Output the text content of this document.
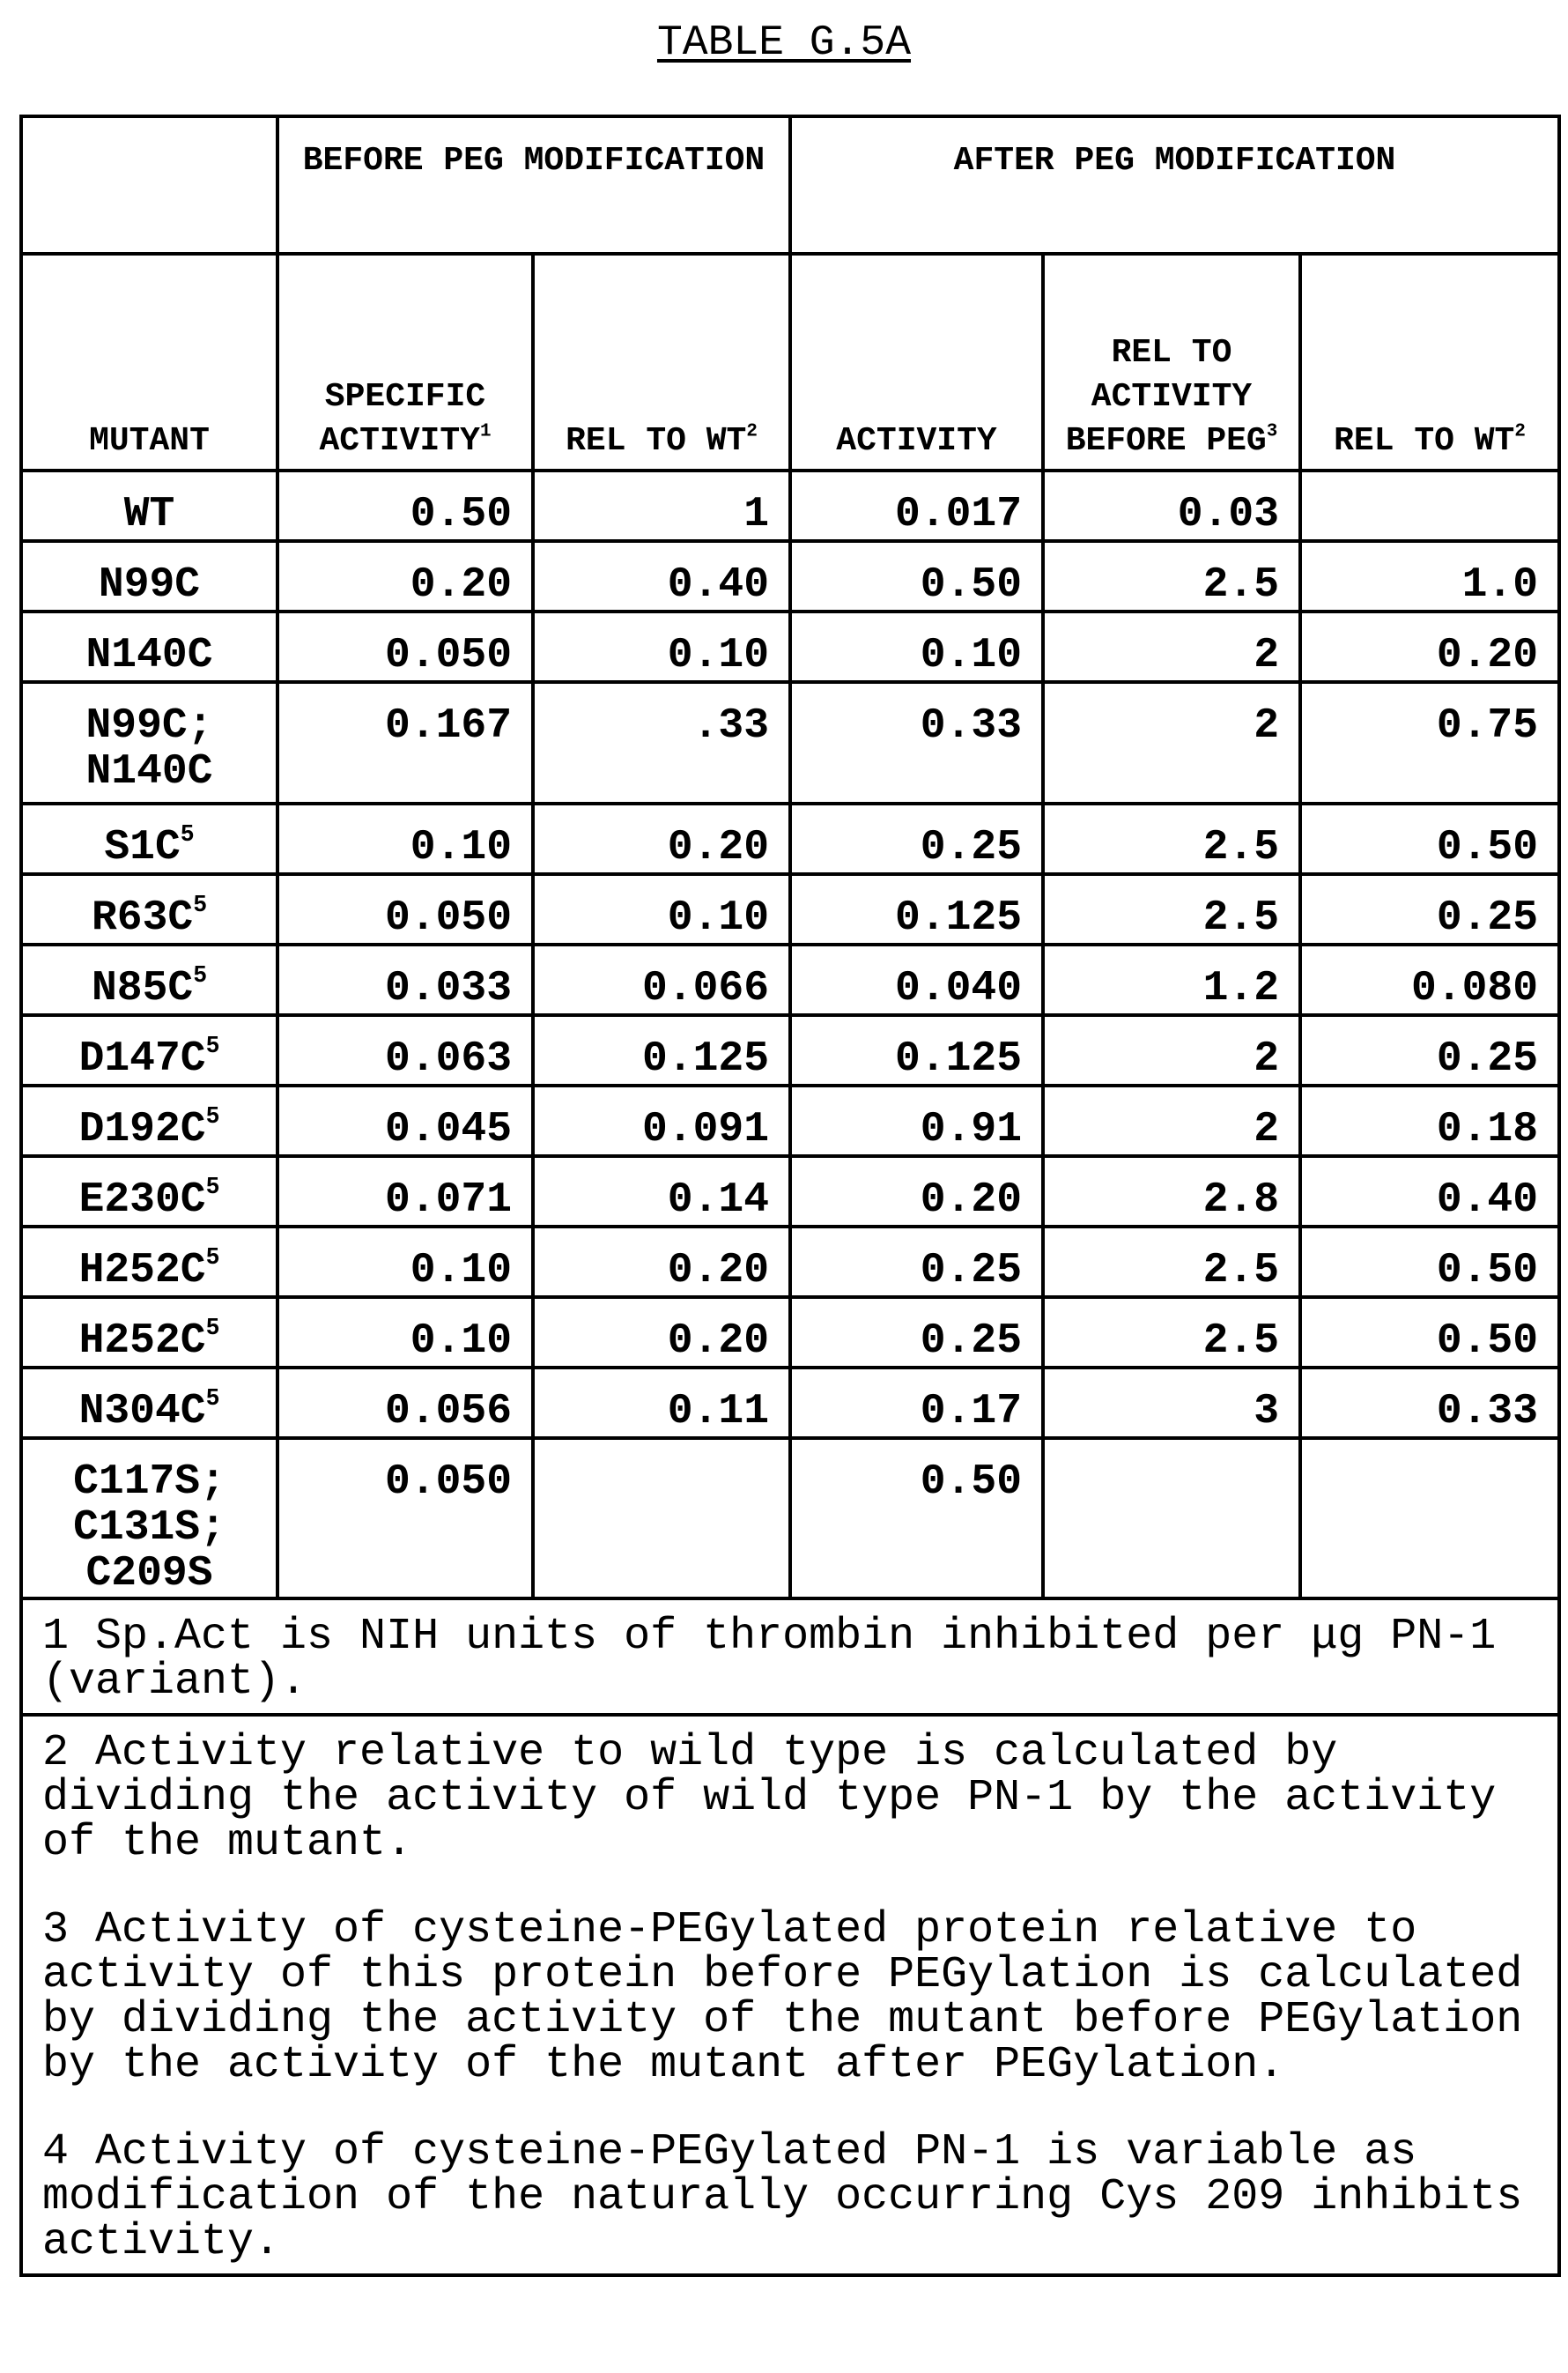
TABLE G.5A
	BEFORE PEG MODIFICATION	AFTER PEG MODIFICATION
MUTANT	SPECIFIC ACTIVITY1	REL TO WT2	ACTIVITY	REL TO ACTIVITY BEFORE PEG3	REL TO WT2
WT	0.50	1	0.017	0.03	
N99C	0.20	0.40	0.50	2.5	1.0
N140C	0.050	0.10	0.10	2	0.20
N99C;
N140C	0.167	.33	0.33	2	0.75
S1C5	0.10	0.20	0.25	2.5	0.50
R63C5	0.050	0.10	0.125	2.5	0.25
N85C5	0.033	0.066	0.040	1.2	0.080
D147C5	0.063	0.125	0.125	2	0.25
D192C5	0.045	0.091	0.91	2	0.18
E230C5	0.071	0.14	0.20	2.8	0.40
H252C5	0.10	0.20	0.25	2.5	0.50
H252C5	0.10	0.20	0.25	2.5	0.50
N304C5	0.056	0.11	0.17	3	0.33
C117S;
C131S;
C209S	0.050		0.50		

1 Sp.Act is NIH units of thrombin inhibited per μg PN-1 (variant).

2 Activity relative to wild type is calculated by dividing the activity of wild type PN-1 by the activity of the mutant.

3 Activity of cysteine-PEGylated protein relative to activity of this protein before PEGylation is calculated by dividing the activity of the mutant before PEGylation by the activity of the mutant after PEGylation.

4 Activity of cysteine-PEGylated PN-1 is variable as modification of the naturally occurring Cys 209 inhibits activity.
